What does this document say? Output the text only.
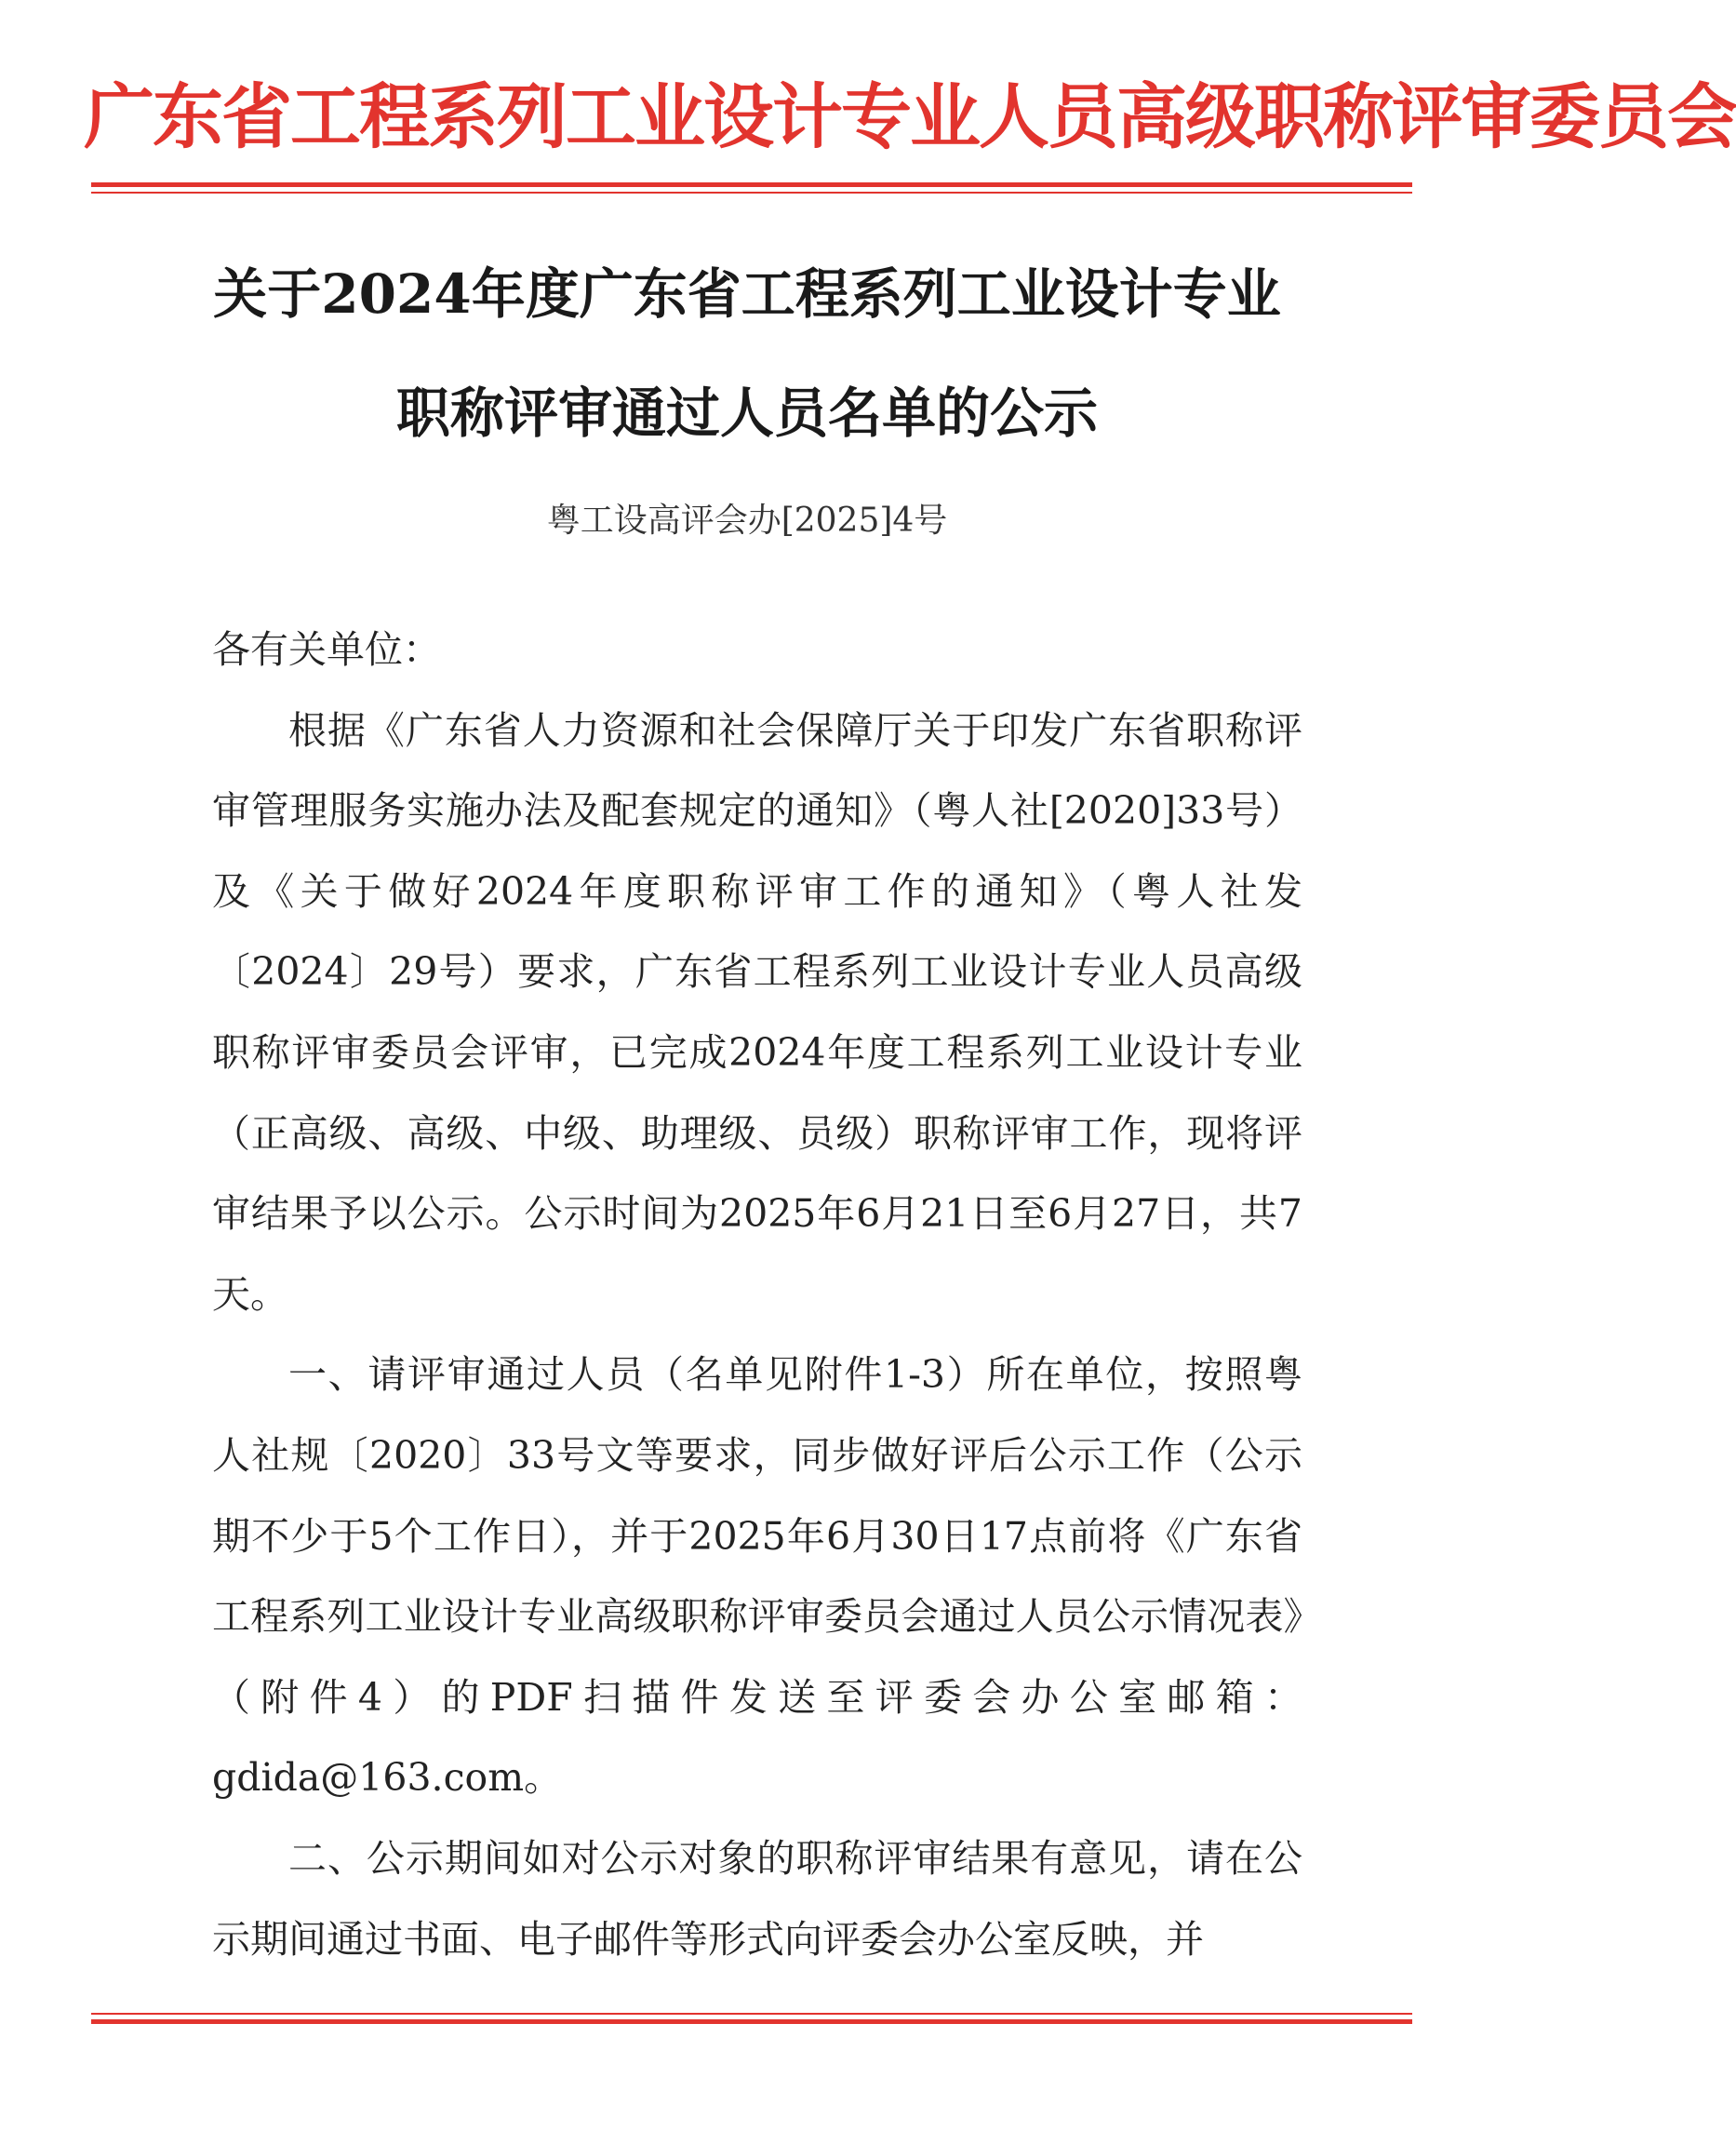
广东省工程系列工业设计专业人员高级职称评审委员会
关于2024年度广东省工程系列工业设计专业
职称评审通过人员名单的公示
粤工设高评会办[2025]4号

各有关单位：

根据《广东省人力资源和社会保障厅关于印发广东省职称评审管理服务实施办法及配套规定的通知》（粤人社[2020]33号）及《关于做好2024年度职称评审工作的通知》（粤人社发〔2024〕29号）要求，广东省工程系列工业设计专业人员高级职称评审委员会评审，已完成2024年度工程系列工业设计专业（正高级、高级、中级、助理级、员级）职称评审工作，现将评审结果予以公示。公示时间为2025年6月21日至6月27日，共7天。

一、请评审通过人员（名单见附件1-3）所在单位，按照粤人社规〔2020〕33号文等要求，同步做好评后公示工作（公示期不少于5个工作日），并于2025年6月30日17点前将《广东省工程系列工业设计专业高级职称评审委员会通过人员公示情况表》（附件4）的PDF扫描件发送至评委会办公室邮箱：gdida@163.com。

二、公示期间如对公示对象的职称评审结果有意见，请在公示期间通过书面、电子邮件等形式向评委会办公室反映，并
